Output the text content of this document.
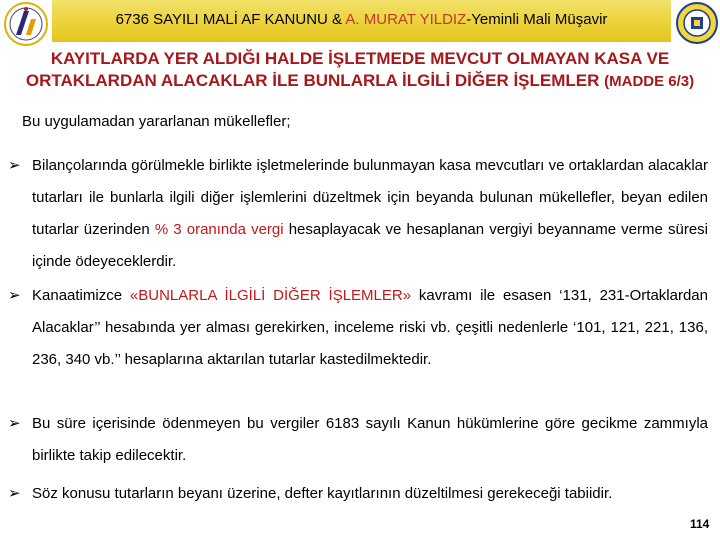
6736 SAYILI MALİ AF KANUNU & A. MURAT YILDIZ-Yeminli Mali Müşavir
KAYITLARDA YER ALDIĞI HALDE İŞLETMEDE MEVCUT OLMAYAN KASA VE
ORTAKLARDAN ALACAKLAR İLE BUNLARLA İLGİLİ DİĞER İŞLEMLER (MADDE 6/3)
Bu uygulamadan yararlanan mükellefler;
➢ Bilançolarında görülmekle birlikte işletmelerinde bulunmayan kasa mevcutları ve ortaklardan alacaklar tutarları ile bunlarla ilgili diğer işlemlerini düzeltmek için beyanda bulunan mükellefler, beyan edilen tutarlar üzerinden % 3 oranında vergi hesaplayacak ve hesaplanan vergiyi beyanname verme süresi içinde ödeyeceklerdir.
➢ Kanaatimizce «BUNLARLA İLGİLİ DİĞER İŞLEMLER» kavramı ile esasen ‘131, 231-Ortaklardan Alacaklar’’ hesabında yer alması gerekirken, inceleme riski vb. çeşitli nedenlerle ‘101, 121, 221, 136, 236, 340 vb.’’ hesaplarına aktarılan tutarlar kastedilmektedir.
➢ Bu süre içerisinde ödenmeyen bu vergiler 6183 sayılı Kanun hükümlerine göre gecikme zammıyla birlikte takip edilecektir.
➢ Söz konusu tutarların beyanı üzerine, defter kayıtlarının düzeltilmesi gerekeceği tabiidir.
114
